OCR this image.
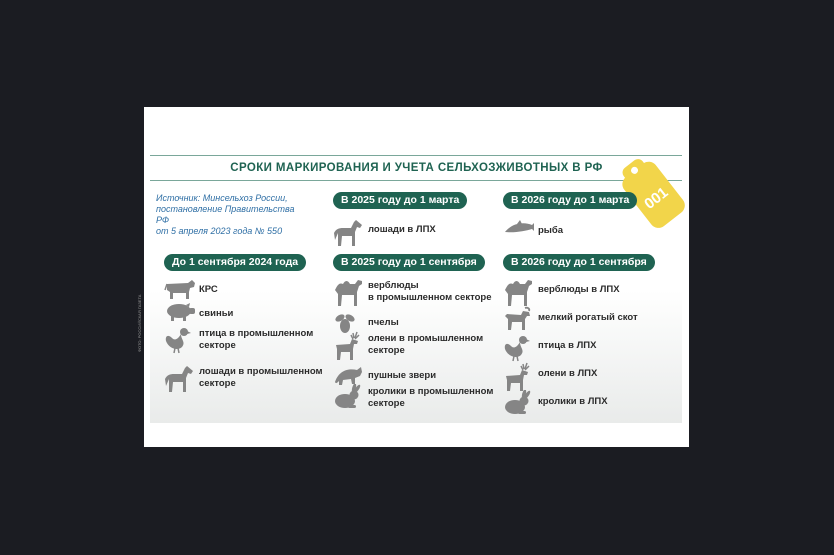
СРОКИ МАРКИРОВАНИЯ И УЧЕТА СЕЛЬХОЗЖИВОТНЫХ В РФ
Источник: Минсельхоз России,
постановление Правительства РФ
от 5 апреля 2023 года № 550
ФОТО: РОССИЙСКАЯ ГАЗЕТА
001
До 1 сентября 2024 года
КРС
свиньи
птица в промышленном
секторе
лошади в промышленном
секторе
В 2025 году до 1 марта
лошади в ЛПХ
В 2025 году до 1 сентября
верблюды
в промышленном секторе
пчелы
олени в промышленном
секторе
пушные звери
кролики в промышленном
секторе
В 2026 году до 1 марта
рыба
В 2026 году до 1 сентября
верблюды в ЛПХ
мелкий рогатый скот
птица в ЛПХ
олени в ЛПХ
кролики в ЛПХ
